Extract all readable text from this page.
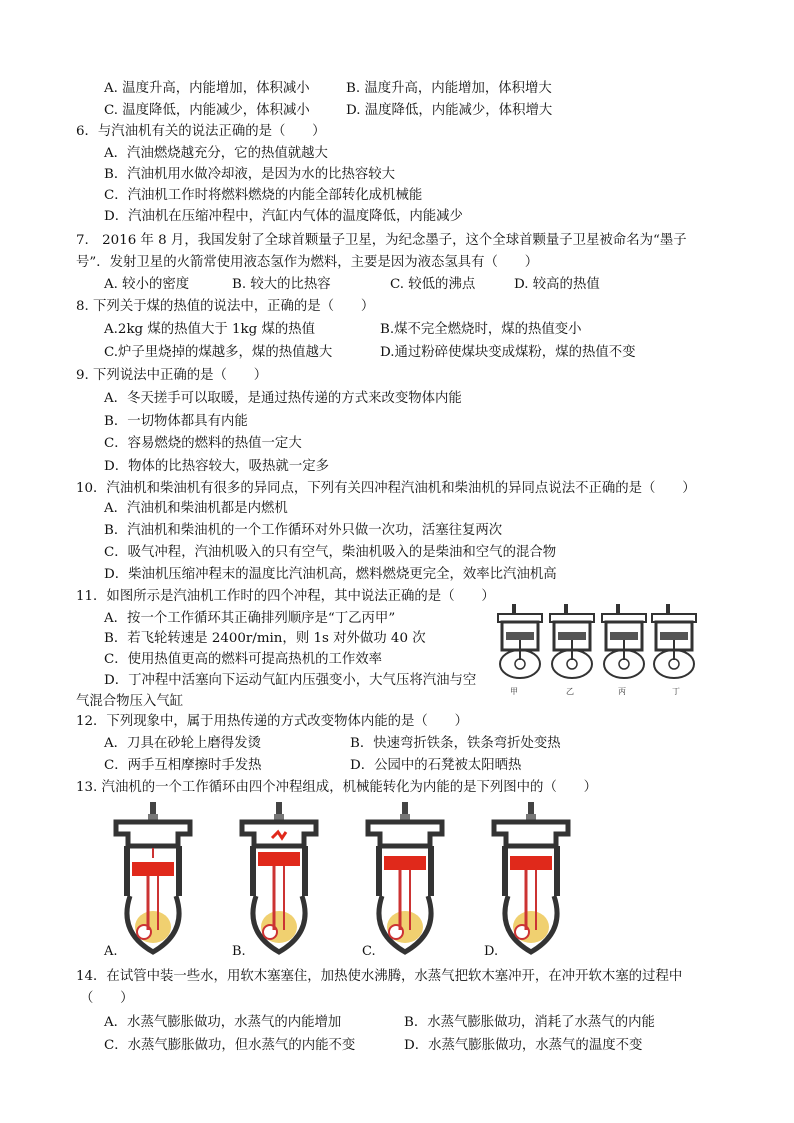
A. 温度升高，内能增加，体积减小	B. 温度升高，内能增加，体积增大
C. 温度降低，内能减少，体积减小	D. 温度降低，内能减少，体积增大
6．与汽油机有关的说法正确的是（　　）
A．汽油燃烧越充分，它的热值就越大
B．汽油机用水做冷却液，是因为水的比热容较大
C．汽油机工作时将燃料燃烧的内能全部转化成机械能
D．汽油机在压缩冲程中，汽缸内气体的温度降低，内能减少
7.　2016 年 8 月，我国发射了全球首颗量子卫星，为纪念墨子，这个全球首颗量子卫星被命名为“墨子
号”．发射卫星的火箭常使用液态氢作为燃料，主要是因为液态氢具有（　　）
A. 较小的密度	B. 较大的比热容	C. 较低的沸点	D. 较高的热值
8. 下列关于煤的热值的说法中，正确的是（　　）
A.2kg 煤的热值大于 1kg 煤的热值	B.煤不完全燃烧时，煤的热值变小
C.炉子里烧掉的煤越多，煤的热值越大	D.通过粉碎使煤块变成煤粉，煤的热值不变
9. 下列说法中正确的是（　　）
A．冬天搓手可以取暖，是通过热传递的方式来改变物体内能
B．一切物体都具有内能
C．容易燃烧的燃料的热值一定大
D．物体的比热容较大，吸热就一定多
10．汽油机和柴油机有很多的异同点，下列有关四冲程汽油机和柴油机的异同点说法不正确的是（　　）
A．汽油机和柴油机都是内燃机
B．汽油机和柴油机的一个工作循环对外只做一次功，活塞往复两次
C．吸气冲程，汽油机吸入的只有空气，柴油机吸入的是柴油和空气的混合物
D．柴油机压缩冲程末的温度比汽油机高，燃料燃烧更完全，效率比汽油机高
11．如图所示是汽油机工作时的四个冲程，其中说法正确的是（　　）
A．按一个工作循环其正确排列顺序是“丁乙丙甲”
B．若飞轮转速是 2400r/min，则 1s 对外做功 40 次
C．使用热值更高的燃料可提高热机的工作效率
D．丁冲程中活塞向下运动气缸内压强变小，大气压将汽油与空
气混合物压入气缸
甲	乙	丙	丁
12．下列现象中，属于用热传递的方式改变物体内能的是（　　）
A．刀具在砂轮上磨得发烫	B．快速弯折铁条，铁条弯折处变热
C．两手互相摩擦时手发热	D．公园中的石凳被太阳晒热
13. 汽油机的一个工作循环由四个冲程组成，机械能转化为内能的是下列图中的（　　）
A.	B.	C.	D.
14．在试管中装一些水，用软木塞塞住，加热使水沸腾，水蒸气把软木塞冲开，在冲开软木塞的过程中
（　　）
A．水蒸气膨胀做功，水蒸气的内能增加	B．水蒸气膨胀做功，消耗了水蒸气的内能
C．水蒸气膨胀做功，但水蒸气的内能不变	D．水蒸气膨胀做功，水蒸气的温度不变
